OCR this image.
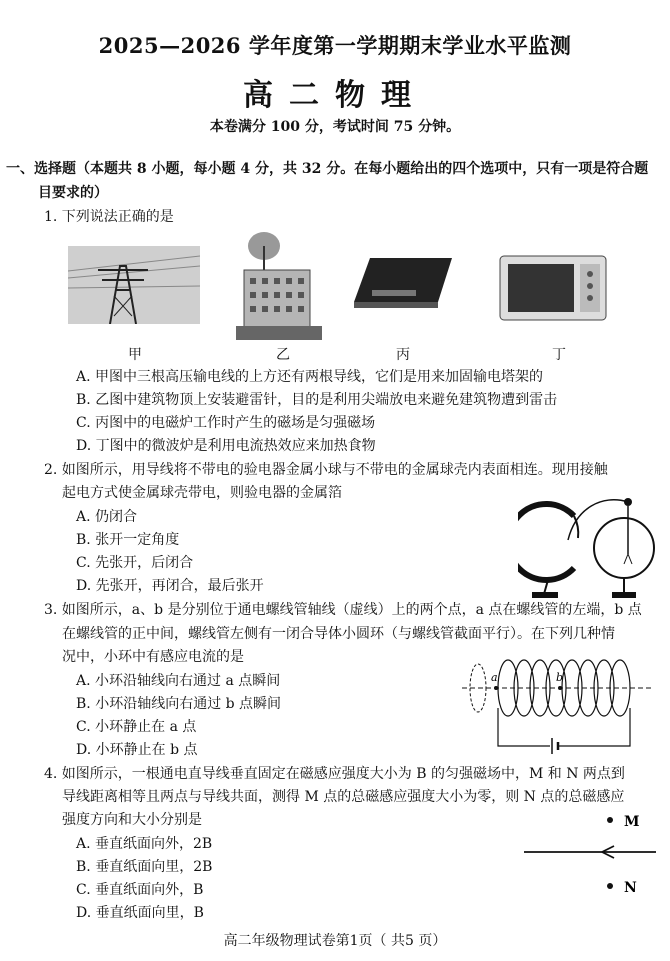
2025—2026 学年度第一学期期末学业水平监测
高二物理
本卷满分 100 分，考试时间 75 分钟。
一、选择题（本题共 8 小题，每小题 4 分，共 32 分。在每小题给出的四个选项中，只有一项是符合题
目要求的）
1. 下列说法正确的是
甲	乙	丙	丁
A. 甲图中三根高压输电线的上方还有两根导线，它们是用来加固输电塔架的
B. 乙图中建筑物顶上安装避雷针，目的是利用尖端放电来避免建筑物遭到雷击
C. 丙图中的电磁炉工作时产生的磁场是匀强磁场
D. 丁图中的微波炉是利用电流热效应来加热食物
2. 如图所示，用导线将不带电的验电器金属小球与不带电的金属球壳内表面相连。现用接触
起电方式使金属球壳带电，则验电器的金属箔
A. 仍闭合
B. 张开一定角度
C. 先张开，后闭合
D. 先张开，再闭合，最后张开
3. 如图所示，a、b 是分别位于通电螺线管轴线（虚线）上的两个点，a 点在螺线管的左端，b 点
在螺线管的正中间，螺线管左侧有一闭合导体小圆环（与螺线管截面平行）。在下列几种情
况中，小环中有感应电流的是
A. 小环沿轴线向右通过 a 点瞬间
B. 小环沿轴线向右通过 b 点瞬间
C. 小环静止在 a 点
D. 小环静止在 b 点
a	b
4. 如图所示，一根通电直导线垂直固定在磁感应强度大小为 B 的匀强磁场中，M 和 N 两点到
导线距离相等且两点与导线共面，测得 M 点的总磁感应强度大小为零，则 N 点的总磁感应
强度方向和大小分别是
A. 垂直纸面向外，2B
B. 垂直纸面向里，2B
C. 垂直纸面向外，B
D. 垂直纸面向里，B
M
N
高二年级物理试卷第1页（ 共5 页）
